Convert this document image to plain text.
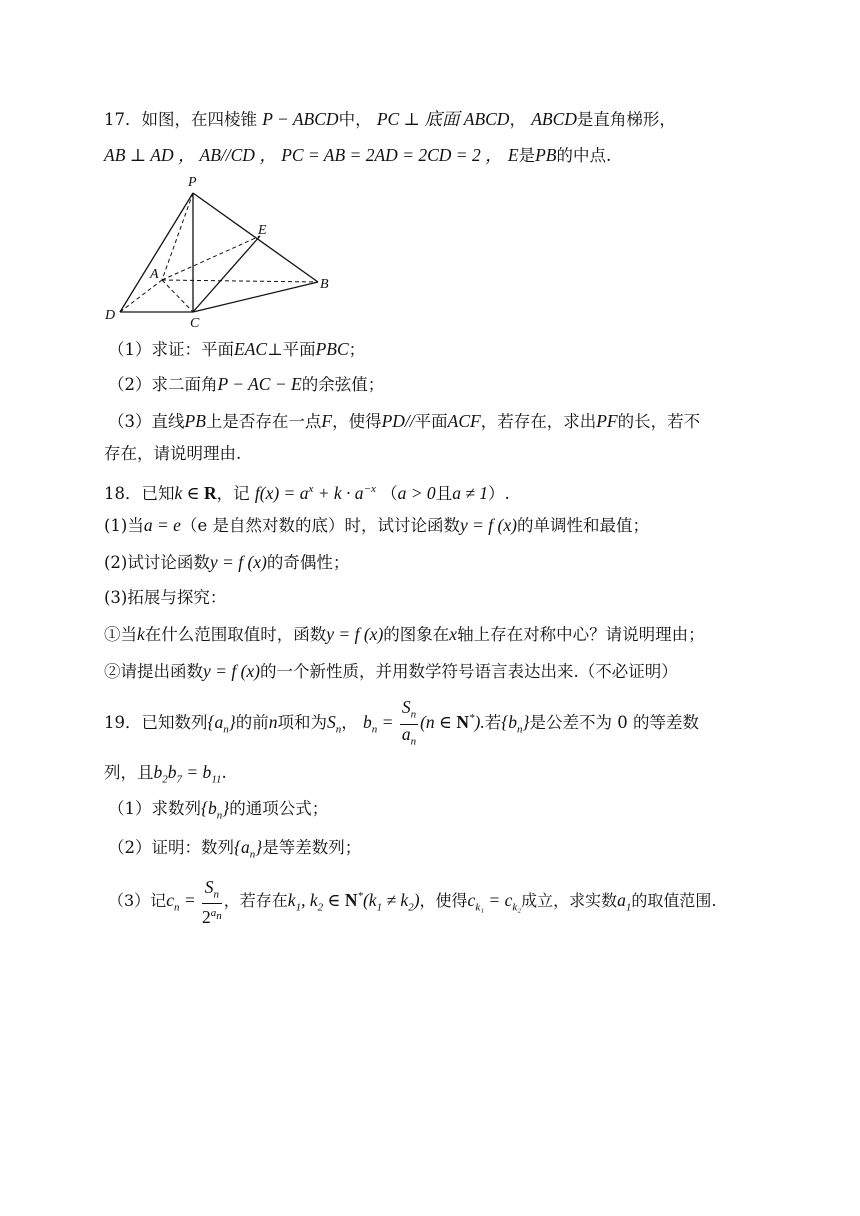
17．如图，在四棱锥 P − ABCD中， PC ⊥ 底面 ABCD， ABCD是直角梯形，
AB ⊥ AD ， AB//CD ， PC = AB = 2AD = 2CD = 2 ， E是PB的中点.
P
E
A
B
D
C
（1）求证：平面EAC⊥平面PBC；
（2）求二面角P − AC − E的余弦值；
（3）直线PB上是否存在一点F，使得PD//平面ACF，若存在，求出PF的长，若不
存在，请说明理由.
18．已知k ∈ R，记 $f(x) = a^x + k \cdot a^{-x}$ （a > 0且a ≠ 1）.
(1)当a = e（e 是自然对数的底）时，试讨论函数y = f (x)的单调性和最值；
(2)试讨论函数y = f (x)的奇偶性；
(3)拓展与探究：
①当k在什么范围取值时，函数y = f (x)的图象在x轴上存在对称中心？请说明理由；
②请提出函数y = f (x)的一个新性质，并用数学符号语言表达出来.（不必证明）
19．已知数列$\{a_n\}$的前n项和为$S_n$， $b_n = \frac{S_n}{a_n} (n$ ∈ N*).若$\{b_n\}$是公差不为 0 的等差数
列，且$b_2b_7 = b_{11}$.
（1）求数列$\{b_n\}$的通项公式；
（2）证明：数列$\{a_n\}$是等差数列；
（3）记$c_n = \frac{S_n}{2^{a_n}}$ ，若存在$k_1$, $k_2$ ∈ $N^*(k_1 \ne k_2)$，使得$c_{k_1} = c_{k_2}$成立，求实数$a_1$的取值范围.
